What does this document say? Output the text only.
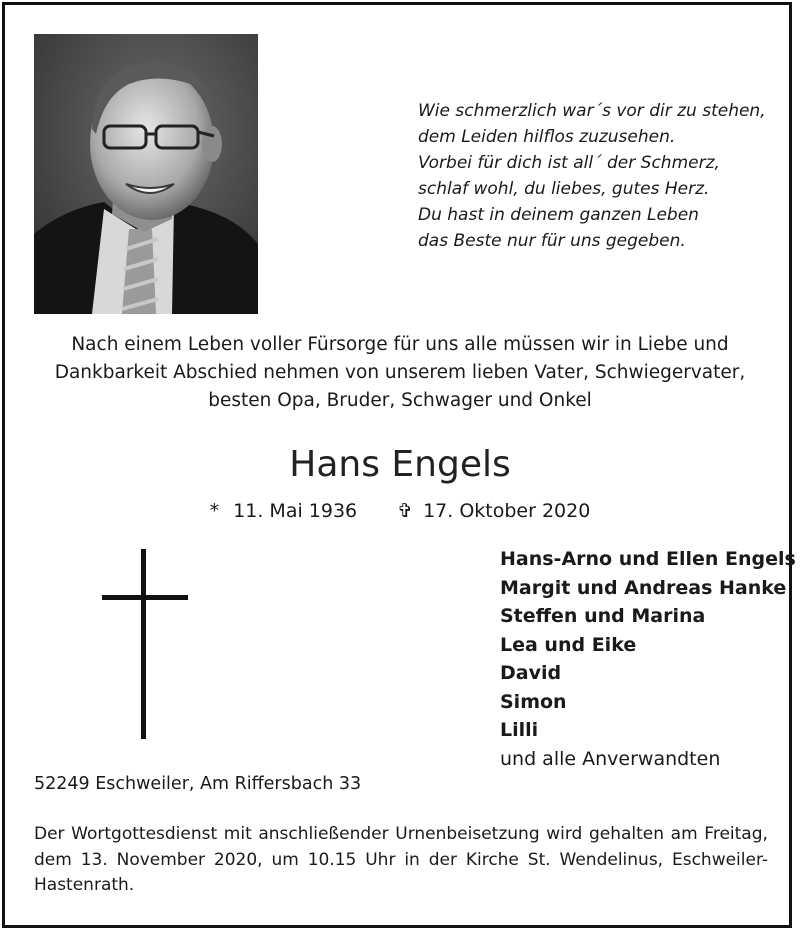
Wie schmerzlich war´s vor dir zu stehen,
dem Leiden hilflos zuzusehen.
Vorbei für dich ist all´ der Schmerz,
schlaf wohl, du liebes, gutes Herz.
Du hast in deinem ganzen Leben
das Beste nur für uns gegeben.
Nach einem Leben voller Fürsorge für uns alle müssen wir in Liebe und
Dankbarkeit Abschied nehmen von unserem lieben Vater, Schwiegervater,
besten Opa, Bruder, Schwager und Onkel
Hans Engels
* 11. Mai 1936 ✞ 17. Oktober 2020
Hans-Arno und Ellen Engels
Margit und Andreas Hanke
Steffen und Marina
Lea und Eike
David
Simon
Lilli
und alle Anverwandten
52249 Eschweiler, Am Riffersbach 33
Der Wortgottesdienst mit anschließender Urnenbeisetzung wird gehalten am Freitag,
dem 13. November 2020, um 10.15 Uhr in der Kirche St. Wendelinus, Eschweiler-
Hastenrath.
